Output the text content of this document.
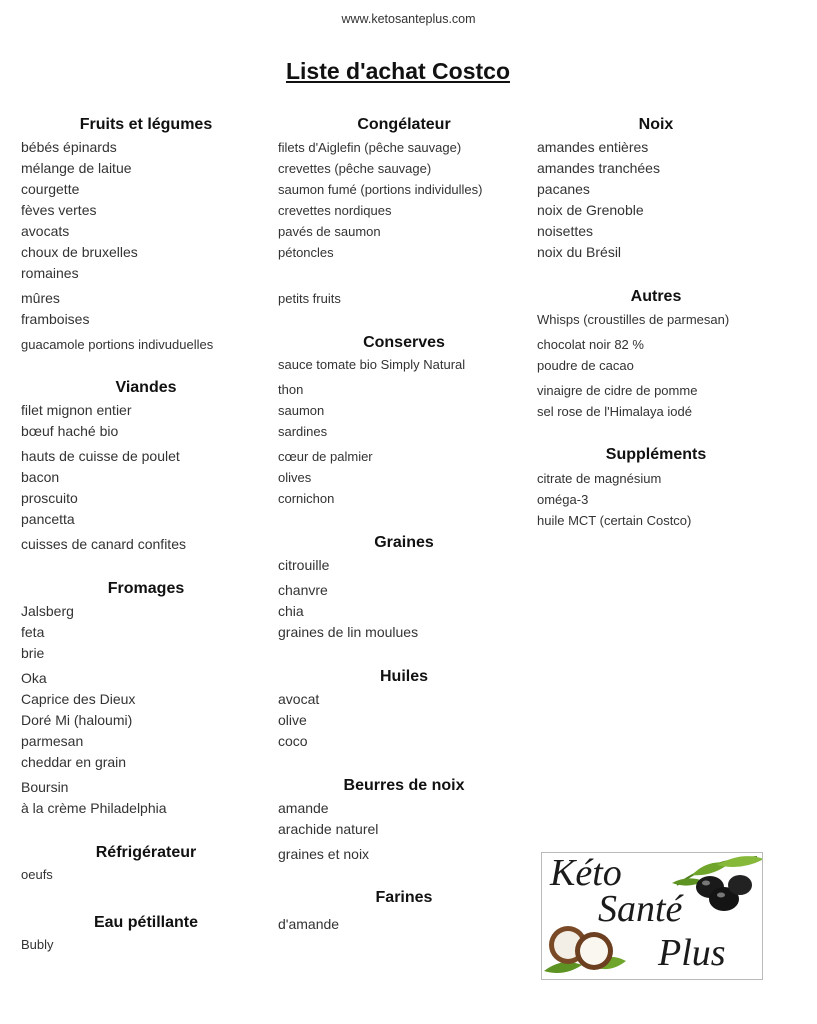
www.ketosanteplus.com
Liste d'achat Costco
Fruits et légumes
bébés épinards
mélange de laitue
courgette
fèves vertes
avocats
choux de bruxelles
romaines
mûres
framboises
guacamole portions indivuduelles
Viandes
filet mignon entier
bœuf haché bio
hauts de cuisse de poulet
bacon
proscuito
pancetta
cuisses de canard confites
Fromages
Jalsberg
feta
brie
Oka
Caprice des Dieux
Doré Mi (haloumi)
parmesan
cheddar en grain
Boursin
à la crème Philadelphia
Réfrigérateur
oeufs
Eau pétillante
Bubly
Congélateur
filets d'Aiglefin (pêche sauvage)
crevettes (pêche sauvage)
saumon fumé (portions individulles)
crevettes nordiques
pavés de saumon
pétoncles
petits fruits
Conserves
sauce tomate bio Simply Natural
thon
saumon
sardines
cœur de palmier
olives
cornichon
Graines
citrouille
chanvre
chia
graines de lin moulues
Huiles
avocat
olive
coco
Beurres de noix
amande
arachide naturel
graines et noix
Farines
d'amande
Noix
amandes entières
amandes tranchées
pacanes
noix de Grenoble
noisettes
noix du Brésil
Autres
Whisps (croustilles de parmesan)
chocolat noir 82 %
poudre de cacao
vinaigre de cidre de pomme
sel rose de l'Himalaya iodé
Suppléments
citrate de magnésium
oméga-3
huile MCT (certain Costco)
Kéto
Santé
Plus
